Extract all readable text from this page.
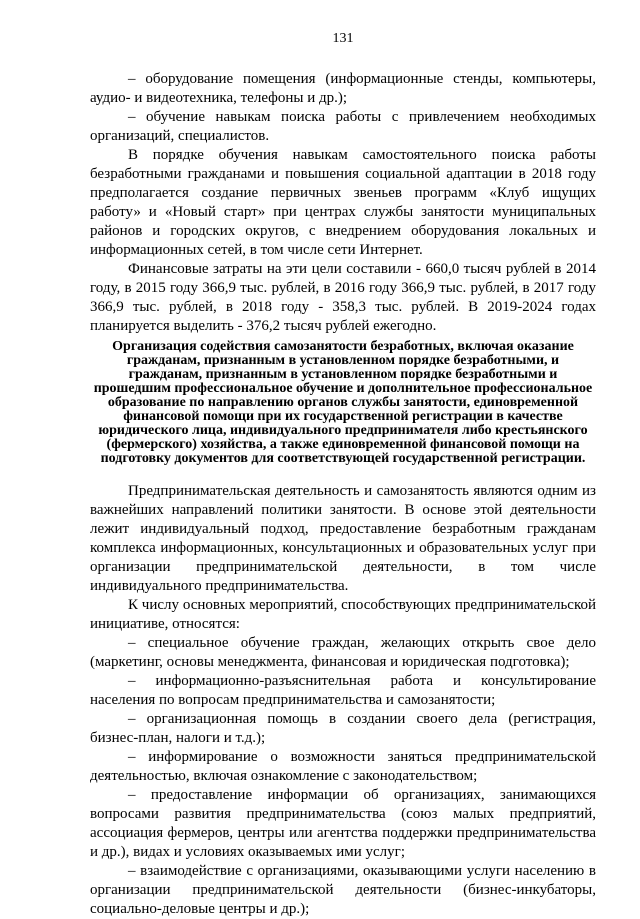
131

– оборудование помещения (информационные стенды, компьютеры, аудио- и видеотехника, телефоны и др.);

– обучение навыкам поиска работы с привлечением необходимых организаций, специалистов.

В порядке обучения навыкам самостоятельного поиска работы безработными гражданами и повышения социальной адаптации в 2018 году предполагается создание первичных звеньев программ «Клуб ищущих работу» и «Новый старт» при центрах службы занятости муниципальных районов и городских округов, с внедрением оборудования локальных и информационных сетей, в том числе сети Интернет.

Финансовые затраты на эти цели составили - 660,0 тысяч рублей в 2014 году, в 2015 году 366,9 тыс. рублей, в 2016 году 366,9 тыс. рублей, в 2017 году 366,9 тыс. рублей, в 2018 году - 358,3 тыс. рублей. В 2019-2024 годах планируется выделить - 376,2 тысяч рублей ежегодно.

Организация содействия самозанятости безработных, включая оказание гражданам, признанным в установленном порядке безработными, и гражданам, признанным в установленном порядке безработными и прошедшим профессиональное обучение и дополнительное профессиональное образование по направлению органов службы занятости, единовременной финансовой помощи при их государственной регистрации в качестве юридического лица, индивидуального предпринимателя либо крестьянского (фермерского) хозяйства, а также единовременной финансовой помощи на подготовку документов для соответствующей государственной регистрации.

Предпринимательская деятельность и самозанятость являются одним из важнейших направлений политики занятости. В основе этой деятельности лежит индивидуальный подход, предоставление безработным гражданам комплекса информационных, консультационных и образовательных услуг при организации предпринимательской деятельности, в том числе индивидуального предпринимательства.

К числу основных мероприятий, способствующих предпринимательской инициативе, относятся:

– специальное обучение граждан, желающих открыть свое дело (маркетинг, основы менеджмента, финансовая и юридическая подготовка);

– информационно-разъяснительная работа и консультирование населения по вопросам предпринимательства и самозанятости;

– организационная помощь в создании своего дела (регистрация, бизнес-план, налоги и т.д.);

– информирование о возможности заняться предпринимательской деятельностью, включая ознакомление с законодательством;

– предоставление информации об организациях, занимающихся вопросами развития предпринимательства (союз малых предприятий, ассоциация фермеров, центры или агентства поддержки предпринимательства и др.), видах и условиях оказываемых ими услуг;

– взаимодействие с организациями, оказывающими услуги населению в организации предпринимательской деятельности (бизнес-инкубаторы, социально-деловые центры и др.);
